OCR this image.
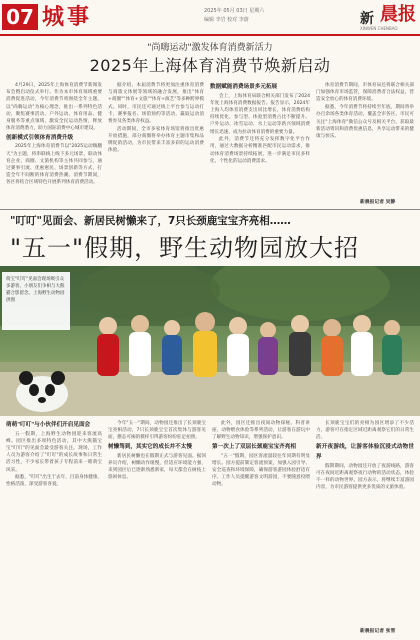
07 城事	2025年 05月 03日 星期六
编辑 李岩 校对 李蔚	新 晨报
XINWEN CHENBAO
"尚嗨运动"激发体育消费新活力
2025年上海体育消费节焕新启动

4月29日，2025年上海体育消费节新闻发布会暨启动仪式举行。作为本市体育领域重要消费促进活动，今年消费节将围绕全年主题，以"尚嗨运动"为核心理念，推出一系列特色活动，聚焦赛事活动、户外运动、体育用品、健身服务等重点领域，激发全民运动热情，释放体育消费潜力，助力国际消费中心城市建设。

创新模式引领体育消费升级

2025年上海体育消费节以"2025运动嗨翻天"为主题，将串联线上线下多元场景，联动体育企业、商圈、文旅机构等主体共同参与，通过赛事引流、优惠惠民、场景创新等方式，打造全年不间断的体育消费热潮。消费节期间，各区将结合区域特色开展系列体育消费活动。

据介绍，本届消费节将更加注重体育消费与商旅文体展等领域的融合发展，推出"体育+商圈""体育+文旅""体育+演艺"等多种跨界模式。同时，市民还可通过线上平台参与运动打卡、赛事报名、场馆预约等活动，赢取运动消费券及各类体育权益。

活动期间，全市多家体育场馆将推出优惠开放措施，部分商圈将举办体育主题市集和品牌促销活动，为市民带来丰富多彩的运动消费体验。

数据赋能消费场景多元拓展

会上，上海体育局联合相关部门发布了2024年度上海体育消费数据报告。报告显示，2024年上海人均体育消费支出同比增长，体育消费结构持续优化，参与型、体验型消费占比不断提升。户外运动、冰雪运动、水上运动等新兴领域消费增长迅速，成为拉动体育消费的重要力量。

此外，消费节还将充分发挥数字化平台作用，通过大数据分析精准匹配市民运动需求，推动体育消费场景持续拓展，进一步满足市民多样化、个性化的运动消费需求。

体育消费节期间，市体育局还将联合相关部门加强体育市场监管，保障消费者合法权益，营造安全放心的体育消费环境。

据悉，今年消费节将持续至年底，期间将举办百余场各类体育活动，覆盖全市各区。市民可关注"上海体育"微信公众号及相关平台，获取最新活动资讯和消费优惠信息，共享运动带来的健康与快乐。

新晨报记者 吴静
"叮叮"见面会、新居民树懒来了，7只长颈鹿宝宝齐亮相……
"五一"假期，野生动物园放大招
萌宝"叮叮"见面会现场吸引众多游客，小朋友们争相与大熊猫合影留念。上海野生动物园供图

萌萌"叮叮"与小伙伴们开启见面会

五一假期，上海野生动物园迎来客流高峰。园区推出多项特色活动，其中大熊猫宝宝"叮叮"的见面会最受游客关注。现场，工作人员为游客介绍了"叮叮"的成长故事和日常生活习性，不少家长带着孩子专程前来一睹萌宝风采。

据悉，"叮叮"出生于去年，目前身体健康、性格活泼，深受游客喜爱。

今年"五一"期间，动物园还推出了长颈鹿宝宝亮相活动，7只长颈鹿宝宝首次集体与游客见面，憨态可掬的模样引得游客纷纷驻足拍照。

树懒驾到，其实它的成长并不太慢

新居民树懒也在假期正式与游客见面。据饲养员介绍，树懒动作缓慢，但适应环境能力强，来到园区后已逐渐熟悉新家，每天都会在树枝上悠闲休息。

此外，园区还推出夜间动物探秘、科普讲座、动物喂食体验等系列活动，让游客在游玩中了解野生动物知识，增强保护意识。

第一次上了双层长颈鹿宝宝齐亮相

"五一"假期，园区客流量较往年同期有明显增长。园方提前制定客流预案，加强入园引导、安全巡查和环境保障，确保游客游园体验舒适有序。工作人员提醒游客文明游园，不要随意投喂动物。

长颈鹿宝宝们的亮相为园区增添了不少活力，游客可在指定区域近距离观察它们的日常生活。

新开夜游线，让游客体验沉浸式动物世界

假期期间，动物园还开放了夜游线路，游客可在夜间近距离观察夜行动物的活动状态，体验不一样的动物世界。园方表示，将继续丰富游园内容，为市民游客提供更多优质的文旅体验。

新晨报记者 张雪
